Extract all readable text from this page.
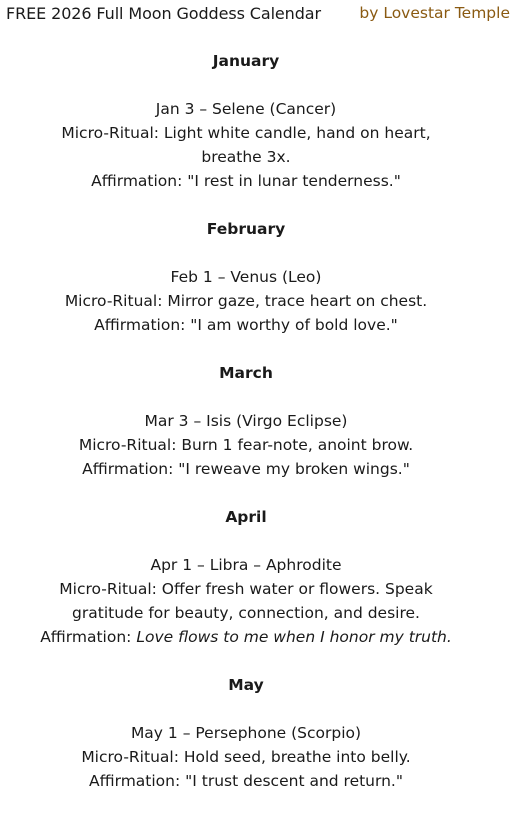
FREE 2026 Full Moon Goddess Calendar by Lovestar Temple
January
Jan 3 – Selene (Cancer)
Micro-Ritual: Light white candle, hand on heart, breathe 3x.
Affirmation: "I rest in lunar tenderness."
February
Feb 1 – Venus (Leo)
Micro-Ritual: Mirror gaze, trace heart on chest.
Affirmation: "I am worthy of bold love."
March
Mar 3 – Isis (Virgo Eclipse)
Micro-Ritual: Burn 1 fear-note, anoint brow.
Affirmation: "I reweave my broken wings."
April
Apr 1 – Libra – Aphrodite
Micro-Ritual: Offer fresh water or flowers. Speak gratitude for beauty, connection, and desire.
Affirmation: Love flows to me when I honor my truth.
May
May 1 – Persephone (Scorpio)
Micro-Ritual: Hold seed, breathe into belly.
Affirmation: "I trust descent and return."
